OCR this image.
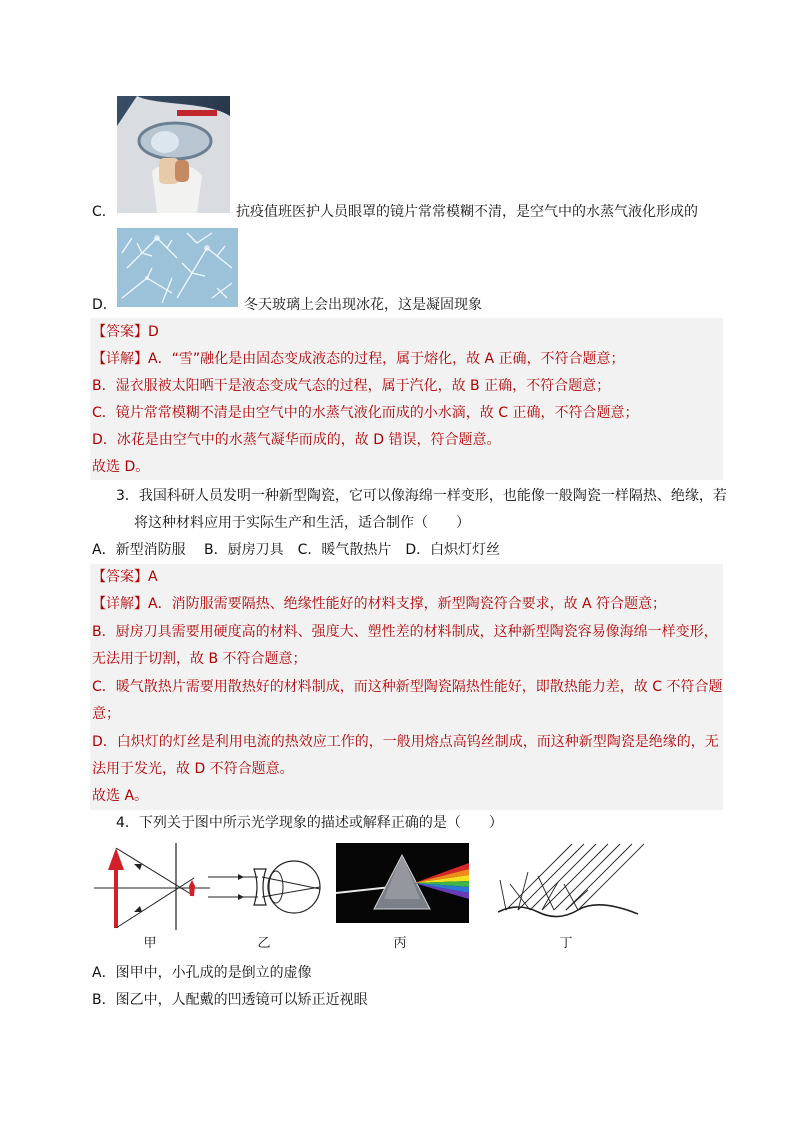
C．	抗疫值班医护人员眼罩的镜片常常模糊不清，是空气中的水蒸气液化形成的
D．	冬天玻璃上会出现冰花，这是凝固现象
【答案】D
【详解】A．“雪”融化是由固态变成液态的过程，属于熔化，故 A 正确，不符合题意；
B．湿衣服被太阳晒干是液态变成气态的过程，属于汽化，故 B 正确，不符合题意；
C．镜片常常模糊不清是由空气中的水蒸气液化而成的小水滴，故 C 正确，不符合题意；
D．冰花是由空气中的水蒸气凝华而成的，故 D 错误，符合题意。
故选 D。
3．我国科研人员发明一种新型陶瓷，它可以像海绵一样变形，也能像一般陶瓷一样隔热、绝缘，若
将这种材料应用于实际生产和生活，适合制作（　　）
A．新型消防服　 B．厨房刀具　C．暖气散热片　D．白炽灯灯丝
【答案】A
【详解】A．消防服需要隔热、绝缘性能好的材料支撑，新型陶瓷符合要求，故 A 符合题意；
B．厨房刀具需要用硬度高的材料、强度大、塑性差的材料制成，这种新型陶瓷容易像海绵一样变形，
无法用于切割，故 B 不符合题意；
C．暖气散热片需要用散热好的材料制成，而这种新型陶瓷隔热性能好，即散热能力差，故 C 不符合题
意；
D．白炽灯的灯丝是利用电流的热效应工作的，一般用熔点高钨丝制成，而这种新型陶瓷是绝缘的，无
法用于发光，故 D 不符合题意。
故选 A。
4．下列关于图中所示光学现象的描述或解释正确的是（　　）
甲	乙	丙	丁
A．图甲中，小孔成的是倒立的虚像
B．图乙中，人配戴的凹透镜可以矫正近视眼
